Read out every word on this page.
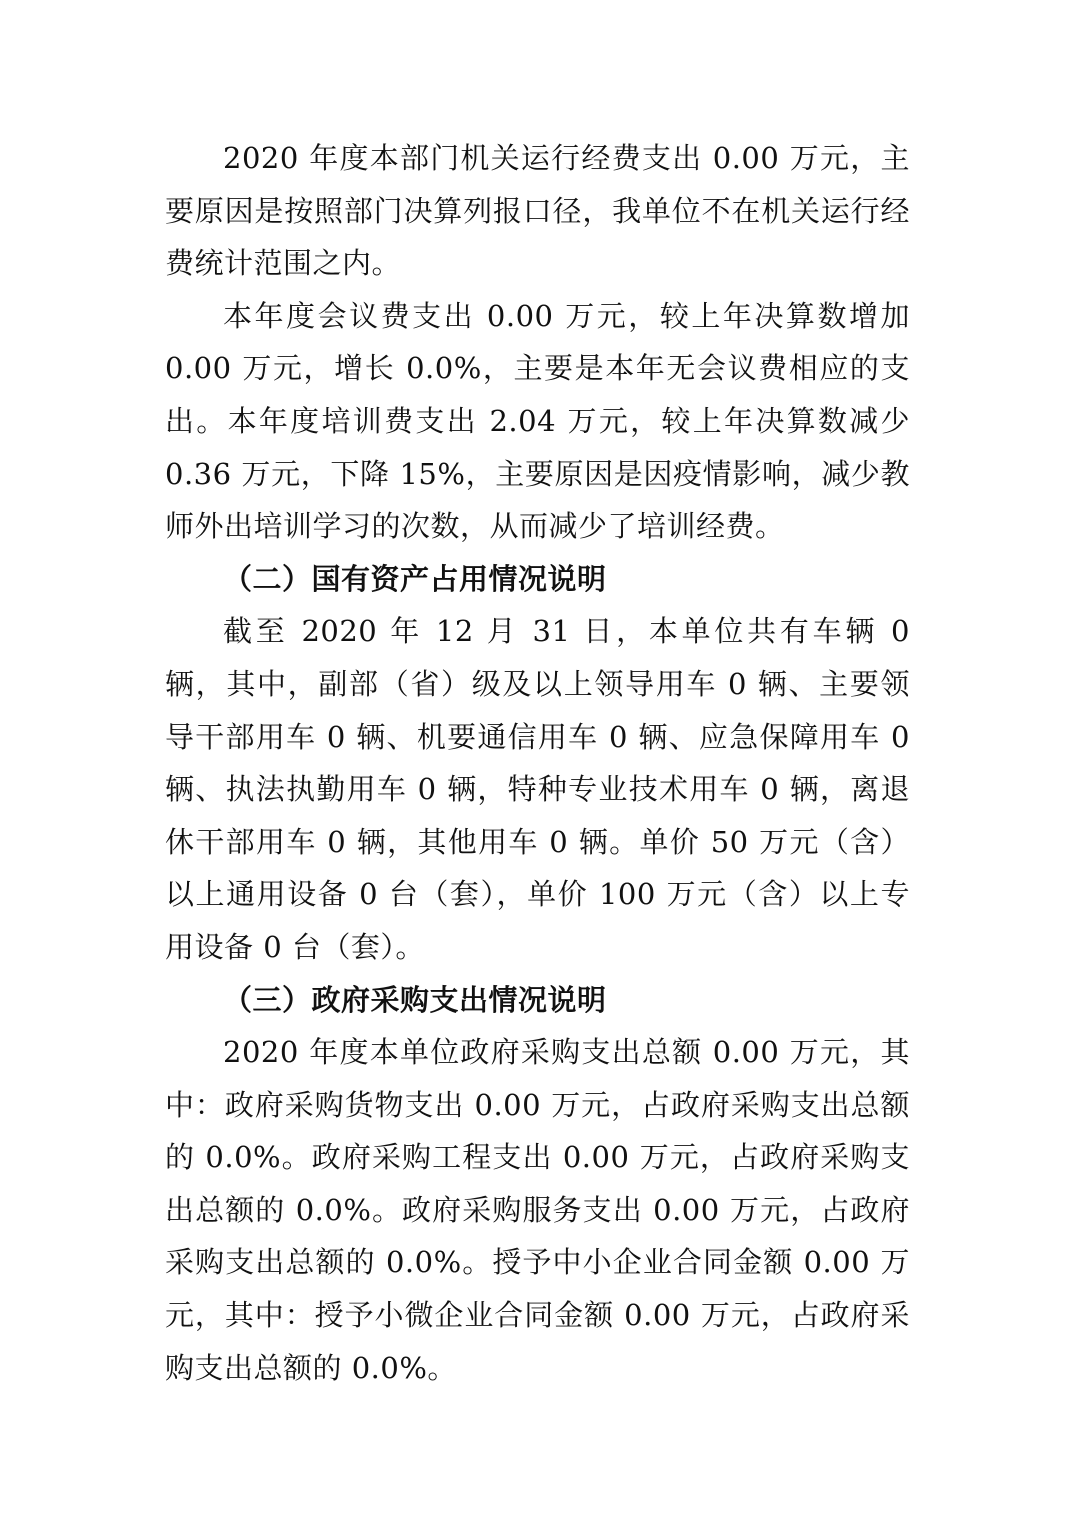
2020 年度本部门机关运行经费支出 0.00 万元，主要原因是按照部门决算列报口径，我单位不在机关运行经费统计范围之内。

本年度会议费支出 0.00 万元，较上年决算数增加 0.00 万元，增长 0.0%，主要是本年无会议费相应的支出。本年度培训费支出 2.04 万元，较上年决算数减少 0.36 万元，下降 15%，主要原因是因疫情影响，减少教师外出培训学习的次数，从而减少了培训经费。

（二）国有资产占用情况说明

截至 2020 年 12 月 31 日，本单位共有车辆 0 辆，其中，副部（省）级及以上领导用车 0 辆、主要领导干部用车 0 辆、机要通信用车 0 辆、应急保障用车 0 辆、执法执勤用车 0 辆，特种专业技术用车 0 辆，离退休干部用车 0 辆，其他用车 0 辆。单价 50 万元（含）以上通用设备 0 台（套），单价 100 万元（含）以上专用设备 0 台（套）。

（三）政府采购支出情况说明

2020 年度本单位政府采购支出总额 0.00 万元，其中：政府采购货物支出 0.00 万元，占政府采购支出总额的 0.0%。政府采购工程支出 0.00 万元，占政府采购支出总额的 0.0%。政府采购服务支出 0.00 万元，占政府采购支出总额的 0.0%。授予中小企业合同金额 0.00 万元，其中：授予小微企业合同金额 0.00 万元，占政府采购支出总额的 0.0%。
